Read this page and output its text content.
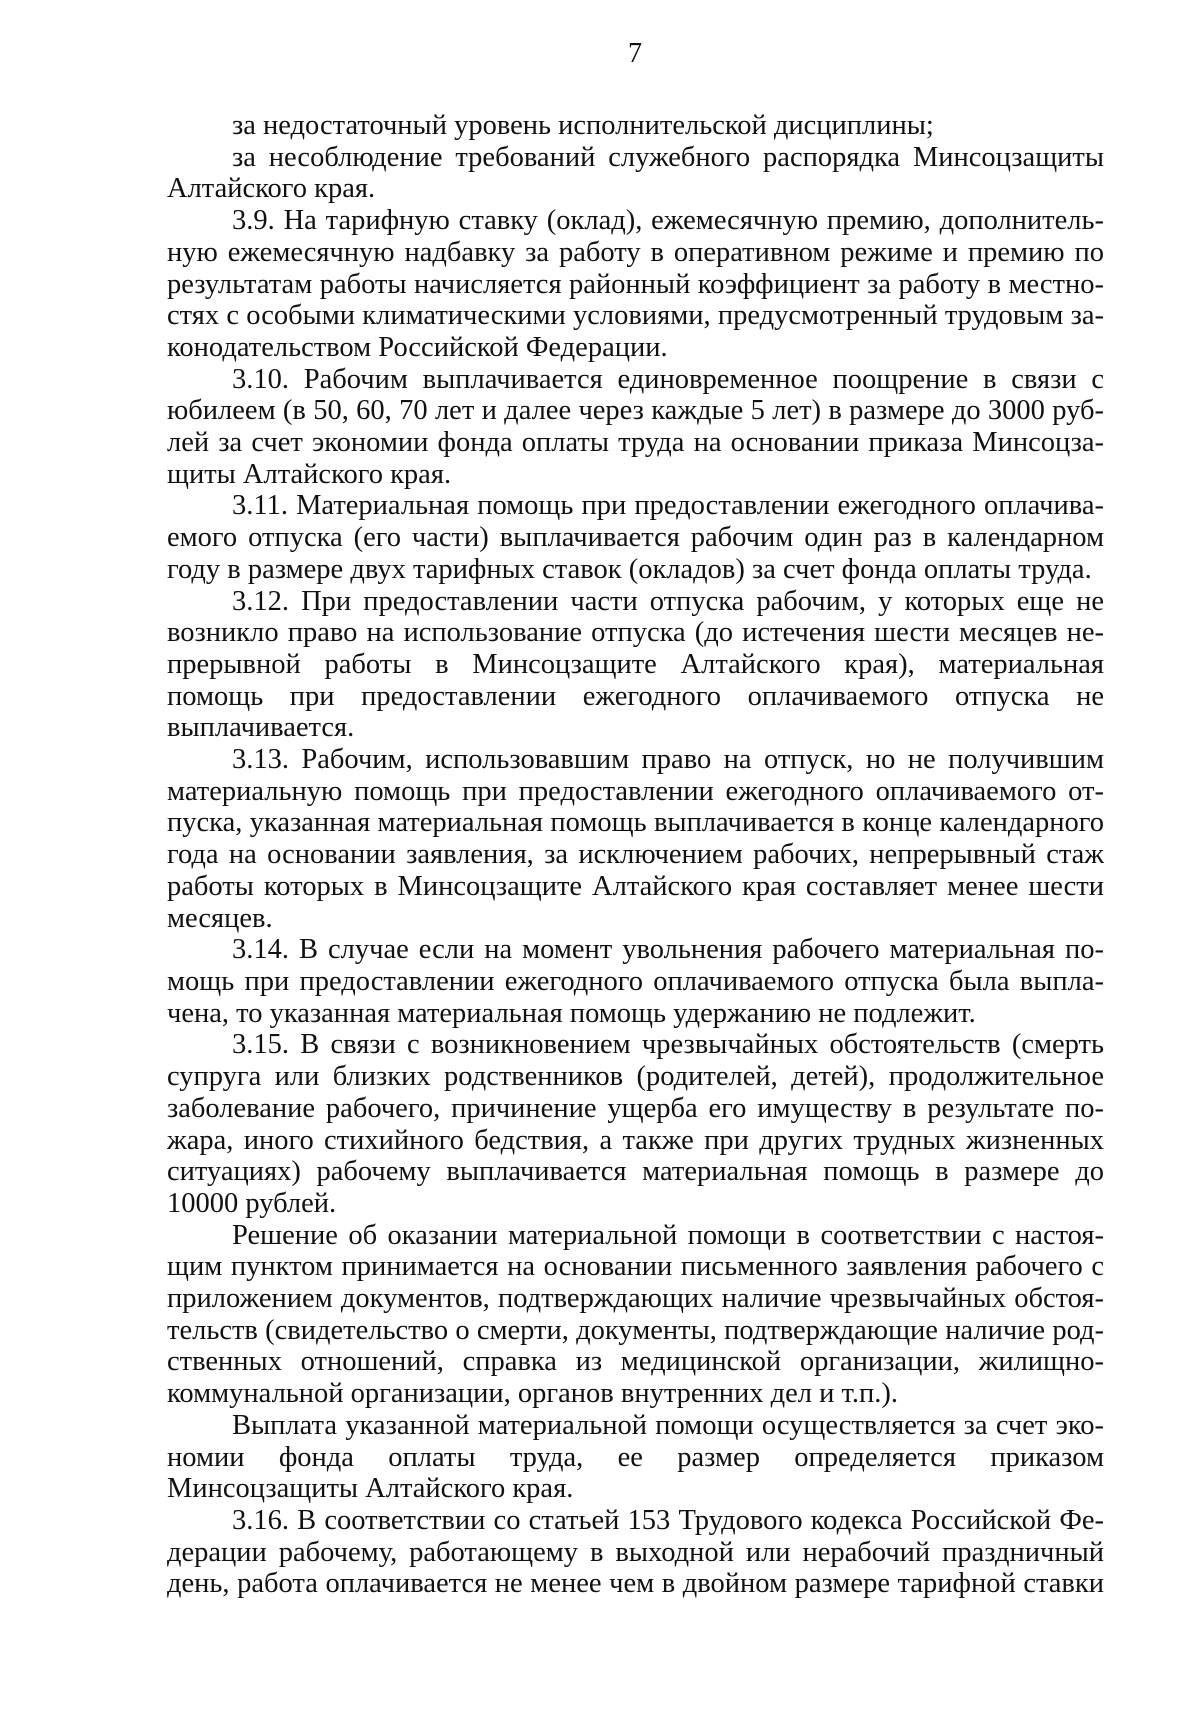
7

за недостаточный уровень исполнительской дисциплины;

за несоблюдение требований служебного распорядка Минсоцзащиты Алтайского края.

3.9. На тарифную ставку (оклад), ежемесячную премию, дополнительную ежемесячную надбавку за работу в оперативном режиме и премию по результатам работы начисляется районный коэффициент за работу в местностях с особыми климатическими условиями, предусмотренный трудовым законодательством Российской Федерации.

3.10. Рабочим выплачивается единовременное поощрение в связи с юбилеем (в 50, 60, 70 лет и далее через каждые 5 лет) в размере до 3000 рублей за счет экономии фонда оплаты труда на основании приказа Минсоцзащиты Алтайского края.

3.11. Материальная помощь при предоставлении ежегодного оплачиваемого отпуска (его части) выплачивается рабочим один раз в календарном году в размере двух тарифных ставок (окладов) за счет фонда оплаты труда.

3.12. При предоставлении части отпуска рабочим, у которых еще не возникло право на использование отпуска (до истечения шести месяцев непрерывной работы в Минсоцзащите Алтайского края), материальная помощь при предоставлении ежегодного оплачиваемого отпуска не выплачивается.

3.13. Рабочим, использовавшим право на отпуск, но не получившим материальную помощь при предоставлении ежегодного оплачиваемого отпуска, указанная материальная помощь выплачивается в конце календарного года на основании заявления, за исключением рабочих, непрерывный стаж работы которых в Минсоцзащите Алтайского края составляет менее шести месяцев.

3.14. В случае если на момент увольнения рабочего материальная помощь при предоставлении ежегодного оплачиваемого отпуска была выплачена, то указанная материальная помощь удержанию не подлежит.

3.15. В связи с возникновением чрезвычайных обстоятельств (смерть супруга или близких родственников (родителей, детей), продолжительное заболевание рабочего, причинение ущерба его имуществу в результате пожара, иного стихийного бедствия, а также при других трудных жизненных ситуациях) рабочему выплачивается материальная помощь в размере до 10000 рублей.

Решение об оказании материальной помощи в соответствии с настоящим пунктом принимается на основании письменного заявления рабочего с приложением документов, подтверждающих наличие чрезвычайных обстоятельств (свидетельство о смерти, документы, подтверждающие наличие родственных отношений, справка из медицинской организации, жилищно-коммунальной организации, органов внутренних дел и т.п.).

Выплата указанной материальной помощи осуществляется за счет экономии фонда оплаты труда, ее размер определяется приказом Минсоцзащиты Алтайского края.

3.16. В соответствии со статьей 153 Трудового кодекса Российской Федерации рабочему, работающему в выходной или нерабочий праздничный день, работа оплачивается не менее чем в двойном размере тарифной ставки
